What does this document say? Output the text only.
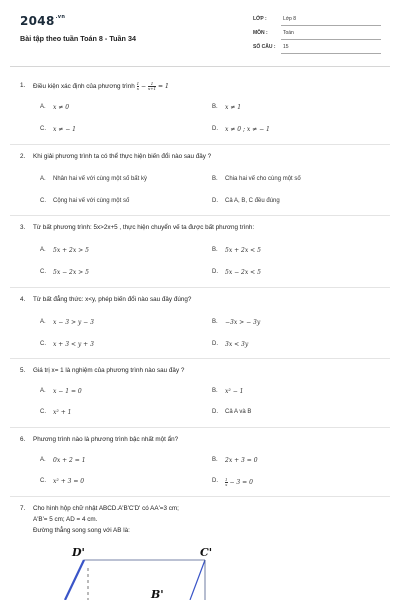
$2048^{.vn}$
Bài tập theo tuần Toán 8 - Tuần 34
LỚP :	Lớp 8
MÔN :	Toán
SỐ CÂU : 15
1. Điều kiện xác định của phương trình $\frac{1}{x} - \frac{1}{x+1} = 1$
A. x ≠ 0	B. x ≠ 1
C. x ≠ − 1	D. x ≠ 0 ; x ≠ − 1
2. Khi giải phương trình ta có thể thực hiện biến đổi nào sau đây ?
A. Nhân hai vế với cùng một số bất kỳ	B. Chia hai vế cho cùng một số
C. Cộng hai vế với cùng một số	D. Cả A, B, C đều đúng
3. Từ bất phương trình: 5x>2x+5 , thực hiện chuyển vế ta được bất phương trình:
A. 5x + 2x > 5	B. 5x + 2x < 5
C. 5x − 2x > 5	D. 5x − 2x < 5
4. Từ bất đẳng thức: x<y, phép biến đổi nào sau đây đúng?
A. x − 3 > y − 3	B. −3x > − 3y
C. x + 3 < y + 3	D. 3x < 3y
5. Giá trị x= 1 là nghiệm của phương trình nào sau đây ?
A. x − 1 = 0	B. x² − 1
C. x² + 1	D. Cả A và B
6. Phương trình nào là phương trình bậc nhất một ẩn?
A. 0x + 2 = 1	B. 2x + 3 = 0
C. x² + 3 = 0	D. $\frac{1}{x} - 3 = 0$
7. Cho hình hộp chữ nhật ABCD.A'B'C'D' có AA'=3 cm;
A'B'= 5 cm; AD = 4 cm.
Đường thẳng song song với AB là:
D'	C'
B'
